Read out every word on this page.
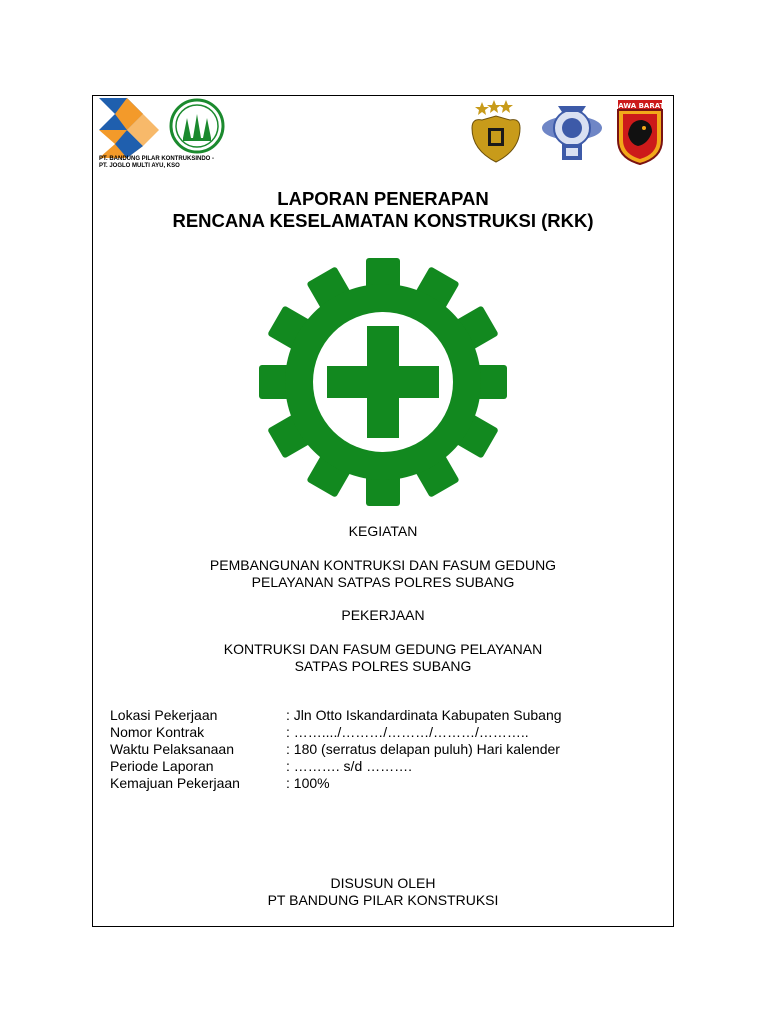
PT. BANDUNG PILAR KONTRUKSINDO -
PT. JOGLO MULTI AYU, KSO
JAWA BARAT
LAPORAN PENERAPAN
RENCANA KESELAMATAN KONSTRUKSI (RKK)
KEGIATAN
PEMBANGUNAN KONTRUKSI DAN FASUM GEDUNG
PELAYANAN SATPAS POLRES SUBANG
PEKERJAAN
KONTRUKSI DAN FASUM GEDUNG PELAYANAN
SATPAS POLRES SUBANG
Lokasi Pekerjaan	: Jln Otto Iskandardinata Kabupaten Subang
Nomor Kontrak	: ……..../………/………/………/………..
Waktu Pelaksanaan	: 180 (serratus delapan puluh) Hari kalender
Periode Laporan	: ………. s/d ……….
Kemajuan Pekerjaan	: 100%
DISUSUN OLEH
PT BANDUNG PILAR KONSTRUKSI
